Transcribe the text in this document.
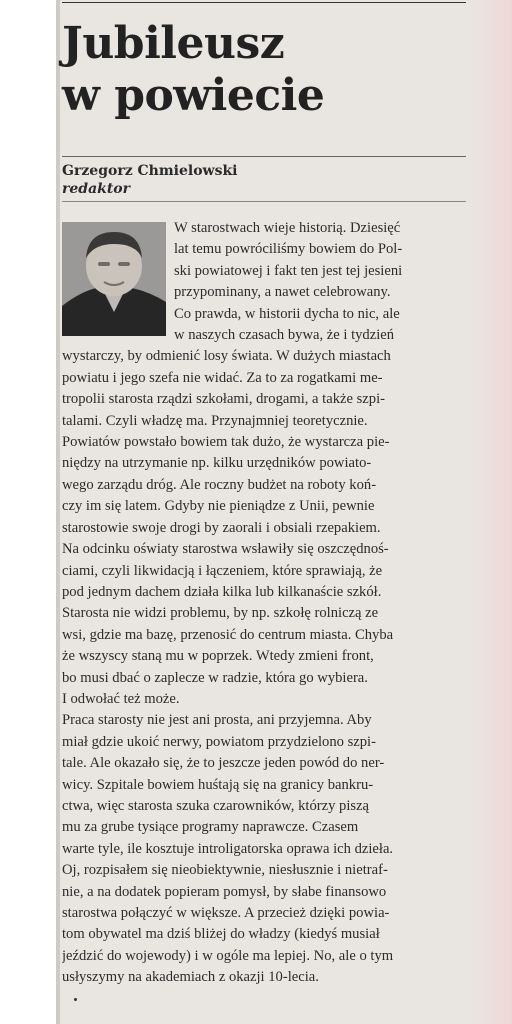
Jubileusz
w powiecie
Grzegorz Chmielowski
redaktor
W starostwach wieje historią. Dziesięć
lat temu powróciliśmy bowiem do Pol-
ski powiatowej i fakt ten jest tej jesieni
przypominany, a nawet celebrowany.
Co prawda, w historii dycha to nic, ale
w naszych czasach bywa, że i tydzień
wystarczy, by odmienić losy świata. W dużych miastach
powiatu i jego szefa nie widać. Za to za rogatkami me-
tropolii starosta rządzi szkołami, drogami, a także szpi-
talami. Czyli władzę ma. Przynajmniej teoretycznie.
Powiatów powstało bowiem tak dużo, że wystarcza pie-
niędzy na utrzymanie np. kilku urzędników powiato-
wego zarządu dróg. Ale roczny budżet na roboty koń-
czy im się latem. Gdyby nie pieniądze z Unii, pewnie
starostowie swoje drogi by zaorali i obsiali rzepakiem.
Na odcinku oświaty starostwa wsławiły się oszczędnoś-
ciami, czyli likwidacją i łączeniem, które sprawiają, że
pod jednym dachem działa kilka lub kilkanaście szkół.
Starosta nie widzi problemu, by np. szkołę rolniczą ze
wsi, gdzie ma bazę, przenosić do centrum miasta. Chyba
że wszyscy staną mu w poprzek. Wtedy zmieni front,
bo musi dbać o zaplecze w radzie, która go wybiera.
I odwołać też może.
Praca starosty nie jest ani prosta, ani przyjemna. Aby
miał gdzie ukoić nerwy, powiatom przydzielono szpi-
tale. Ale okazało się, że to jeszcze jeden powód do ner-
wicy. Szpitale bowiem huśtają się na granicy bankru-
ctwa, więc starosta szuka czarowników, którzy piszą
mu za grube tysiące programy naprawcze. Czasem
warte tyle, ile kosztuje introligatorska oprawa ich dzieła.
Oj, rozpisałem się nieobiektywnie, niesłusznie i nietraf-
nie, a na dodatek popieram pomysł, by słabe finansowo
starostwa połączyć w większe. A przecież dzięki powia-
tom obywatel ma dziś bliżej do władzy (kiedyś musiał
jeździć do wojewody) i w ogóle ma lepiej. No, ale o tym
usłyszymy na akademiach z okazji 10-lecia.
